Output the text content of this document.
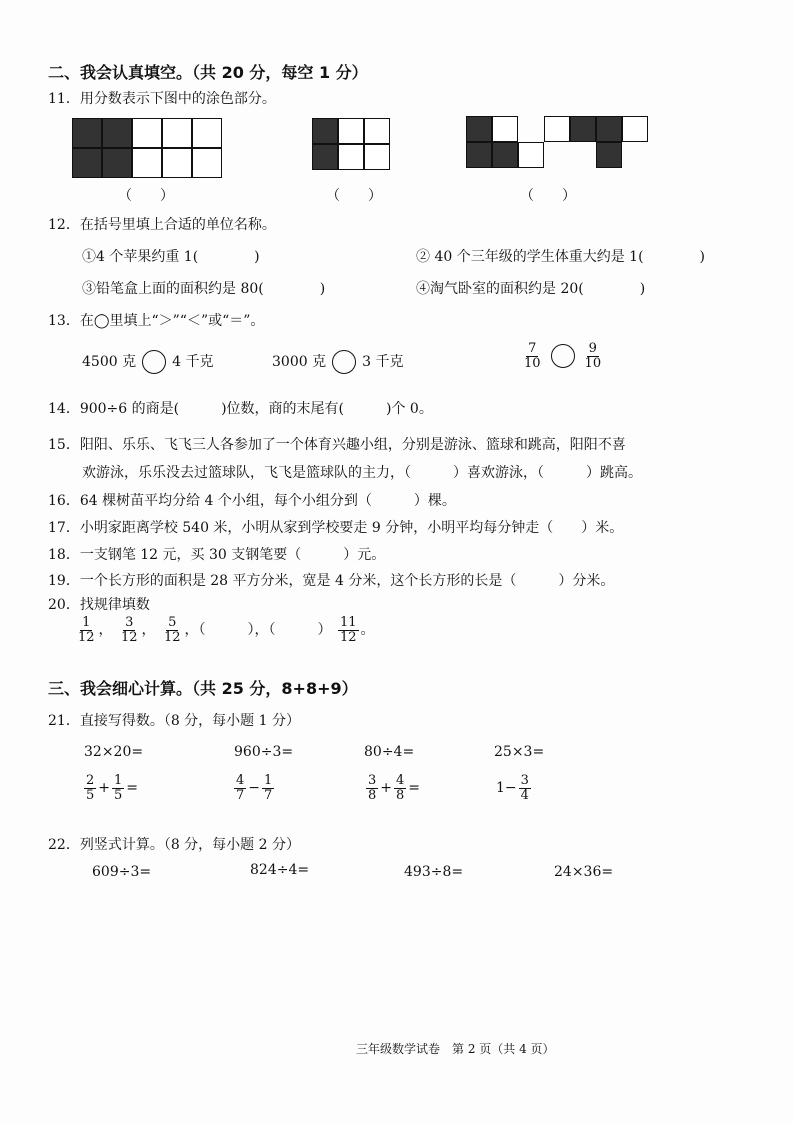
二、我会认真填空。（共 20 分，每空 1 分）
11．用分数表示下图中的涂色部分。
（　　）	（　　）	（　　）
12．在括号里填上合适的单位名称。
①4 个苹果约重 1(　　　　)	② 40 个三年级的学生体重大约是 1(　　　　)
③铅笔盒上面的面积约是 80(　　　　)	④淘气卧室的面积约是 20(　　　　)
13．在◯里填上“＞”“＜”或“＝”。
4500 克	4 千克	3000 克	3 千克	$\frac{7}{10}$	$\frac{9}{10}$
14．900÷6 的商是(　　　)位数，商的末尾有(　　　)个 0。
15．阳阳、乐乐、飞飞三人各参加了一个体育兴趣小组，分别是游泳、篮球和跳高，阳阳不喜
欢游泳，乐乐没去过篮球队，飞飞是篮球队的主力，（　　　）喜欢游泳，（　　　）跳高。
16．64 棵树苗平均分给 4 个小组，每个小组分到（　　　）棵。
17．小明家距离学校 540 米，小明从家到学校要走 9 分钟，小明平均每分钟走（　　）米。
18．一支钢笔 12 元，买 30 支钢笔要（　　　）元。
19．一个长方形的面积是 28 平方分米，宽是 4 分米，这个长方形的长是（　　　）分米。
20．找规律填数
$\frac{1}{12}$ ， $\frac{3}{12}$ ， $\frac{5}{12}$ ，（　　　），（　　　） $\frac{11}{12}$ 。
三、我会细心计算。（共 25 分，8+8+9）
21．直接写得数。（8 分，每小题 1 分）
32×20=	960÷3=	80÷4=	25×3=
$\frac{2}{5} + \frac{1}{5}$ =	$\frac{4}{7} - \frac{1}{7}$	$\frac{3}{8} + \frac{4}{8}$ =	$1- \frac{3}{4}$
22．列竖式计算。（8 分，每小题 2 分）
609÷3=	824÷4=	493÷8=	24×36=
三年级数学试卷　第 2 页（共 4 页）
